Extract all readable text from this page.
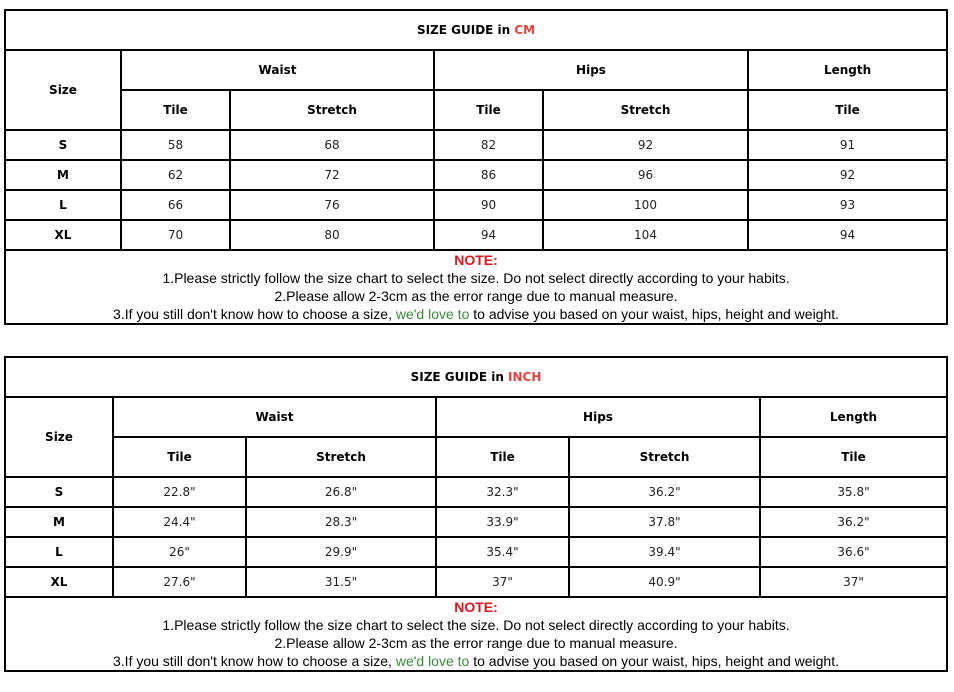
SIZE GUIDE in CM					
Size	Waist		Hips		Length
	Tile	Stretch	Tile	Stretch	Tile
S	58	68	82	92	91
M	62	72	86	96	92
L	66	76	90	100	93
XL	70	80	94	104	94

NOTE:
1.Please strictly follow the size chart to select the size. Do not select directly according to your habits.
2.Please allow 2-3cm as the error range due to manual measure.
3.If you still don't know how to choose a size, we'd love to to advise you based on your waist, hips, height and weight.					
SIZE GUIDE in INCH					
Size	Waist		Hips		Length
	Tile	Stretch	Tile	Stretch	Tile
S	22.8"	26.8"	32.3"	36.2"	35.8"
M	24.4"	28.3"	33.9"	37.8"	36.2"
L	26"	29.9"	35.4"	39.4"	36.6"
XL	27.6"	31.5"	37"	40.9"	37"

NOTE:
1.Please strictly follow the size chart to select the size. Do not select directly according to your habits.
2.Please allow 2-3cm as the error range due to manual measure.
3.If you still don't know how to choose a size, we'd love to to advise you based on your waist, hips, height and weight.					
